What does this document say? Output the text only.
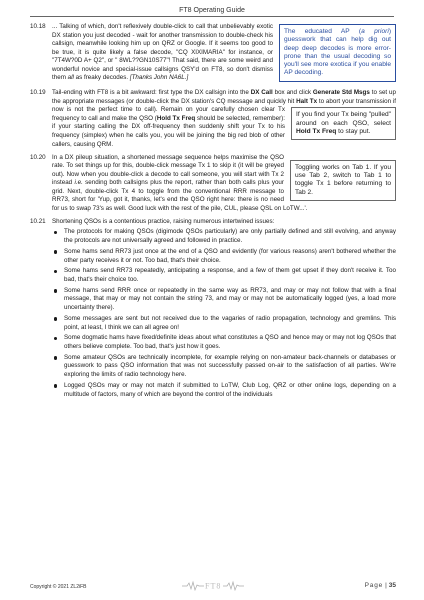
FT8 Operating Guide
10.18
The educated AP (a priori) guesswork that can help dig out deep deep decodes is more error-prone than the usual decoding so you'll see more exotica if you enable AP decoding.
... Talking of which, don't reflexively double-click to call that unbelievably exotic DX station you just decoded - wait for another transmission to double-check his callsign, meanwhile looking him up on QRZ or Google. If it seems too good to be true, it is quite likely a false decode, "CQ XIXIMARIA" for instance, or "7T4W?0D A+ Q2", or " 8WL??GN10S77"! That said, there are some weird and wonderful novice and special-issue callsigns QSY'd on FT8, so don't dismiss them all as freaky decodes. [Thanks John NA6L.]
10.19	Tail-ending with FT8 is a bit awkward: first type the DX callsign into the DX Call box and click Generate Std Msgs to set up the appropriate messages (or double-click the DX station's CQ message and quickly hit Halt Tx
If you find your Tx being "pulled" around on each QSO, select Hold Tx Freq to stay put.
to abort your transmission if now is not the perfect time to call). Remain on your carefully chosen clear Tx frequency to call and make the QSO (Hold Tx Freq should be selected, remember): if your starting calling the DX off-frequency then suddenly shift your Tx to his frequency (simplex) when he calls you, you will be joining the big red blob of other callers, causing QRM.
10.20
Toggling works on Tab 1. If you use Tab 2, switch to Tab 1 to toggle Tx 1 before returning to Tab 2.
In a DX pileup situation, a shortened message sequence helps maximise the QSO rate. To set things up for this, double-click message Tx 1 to skip it (it will be greyed out). Now when you double-click a decode to call someone, you will start with Tx 2 instead i.e. sending both callsigns plus the report, rather than both calls plus your grid. Next, double-click Tx 4 to toggle from the conventional RRR message to RR73, short for 'Yup, got it, thanks, let's end the QSO right here: there is no need for us to swap 73's as well. Good luck with the rest of the pile, CUL, please QSL on LoTW...'.
10.21	Shortening QSOs is a contentious practice, raising numerous intertwined issues:
The protocols for making QSOs (digimode QSOs particularly) are only partially defined and still evolving, and anyway the protocols are not universally agreed and followed in practice.
Some hams send RR73 just once at the end of a QSO and evidently (for various reasons) aren't bothered whether the other party receives it or not. Too bad, that's their choice.
Some hams send RR73 repeatedly, anticipating a response, and a few of them get upset if they don't receive it. Too bad, that's their choice too.
Some hams send RRR once or repeatedly in the same way as RR73, and may or may not follow that with a final message, that may or may not contain the string 73, and may or may not be automatically logged (yes, a load more uncertainty there).
Some messages are sent but not received due to the vagaries of radio propagation, technology and gremlins. This point, at least, I think we can all agree on!
Some dogmatic hams have fixed/definite ideas about what constitutes a QSO and hence may or may not log QSOs that others believe complete. Too bad, that's just how it goes.
Some amateur QSOs are technically incomplete, for example relying on non-amateur back-channels or databases or guesswork to pass QSO information that was not successfully passed on-air to the satisfaction of all parties. We're exploring the limits of radio technology here.
Logged QSOs may or may not match if submitted to LoTW, Club Log, QRZ or other online logs, depending on a multitude of factors, many of which are beyond the control of the individuals
Copyright © 2021 ZL2iFB	FT8	Page | 35
